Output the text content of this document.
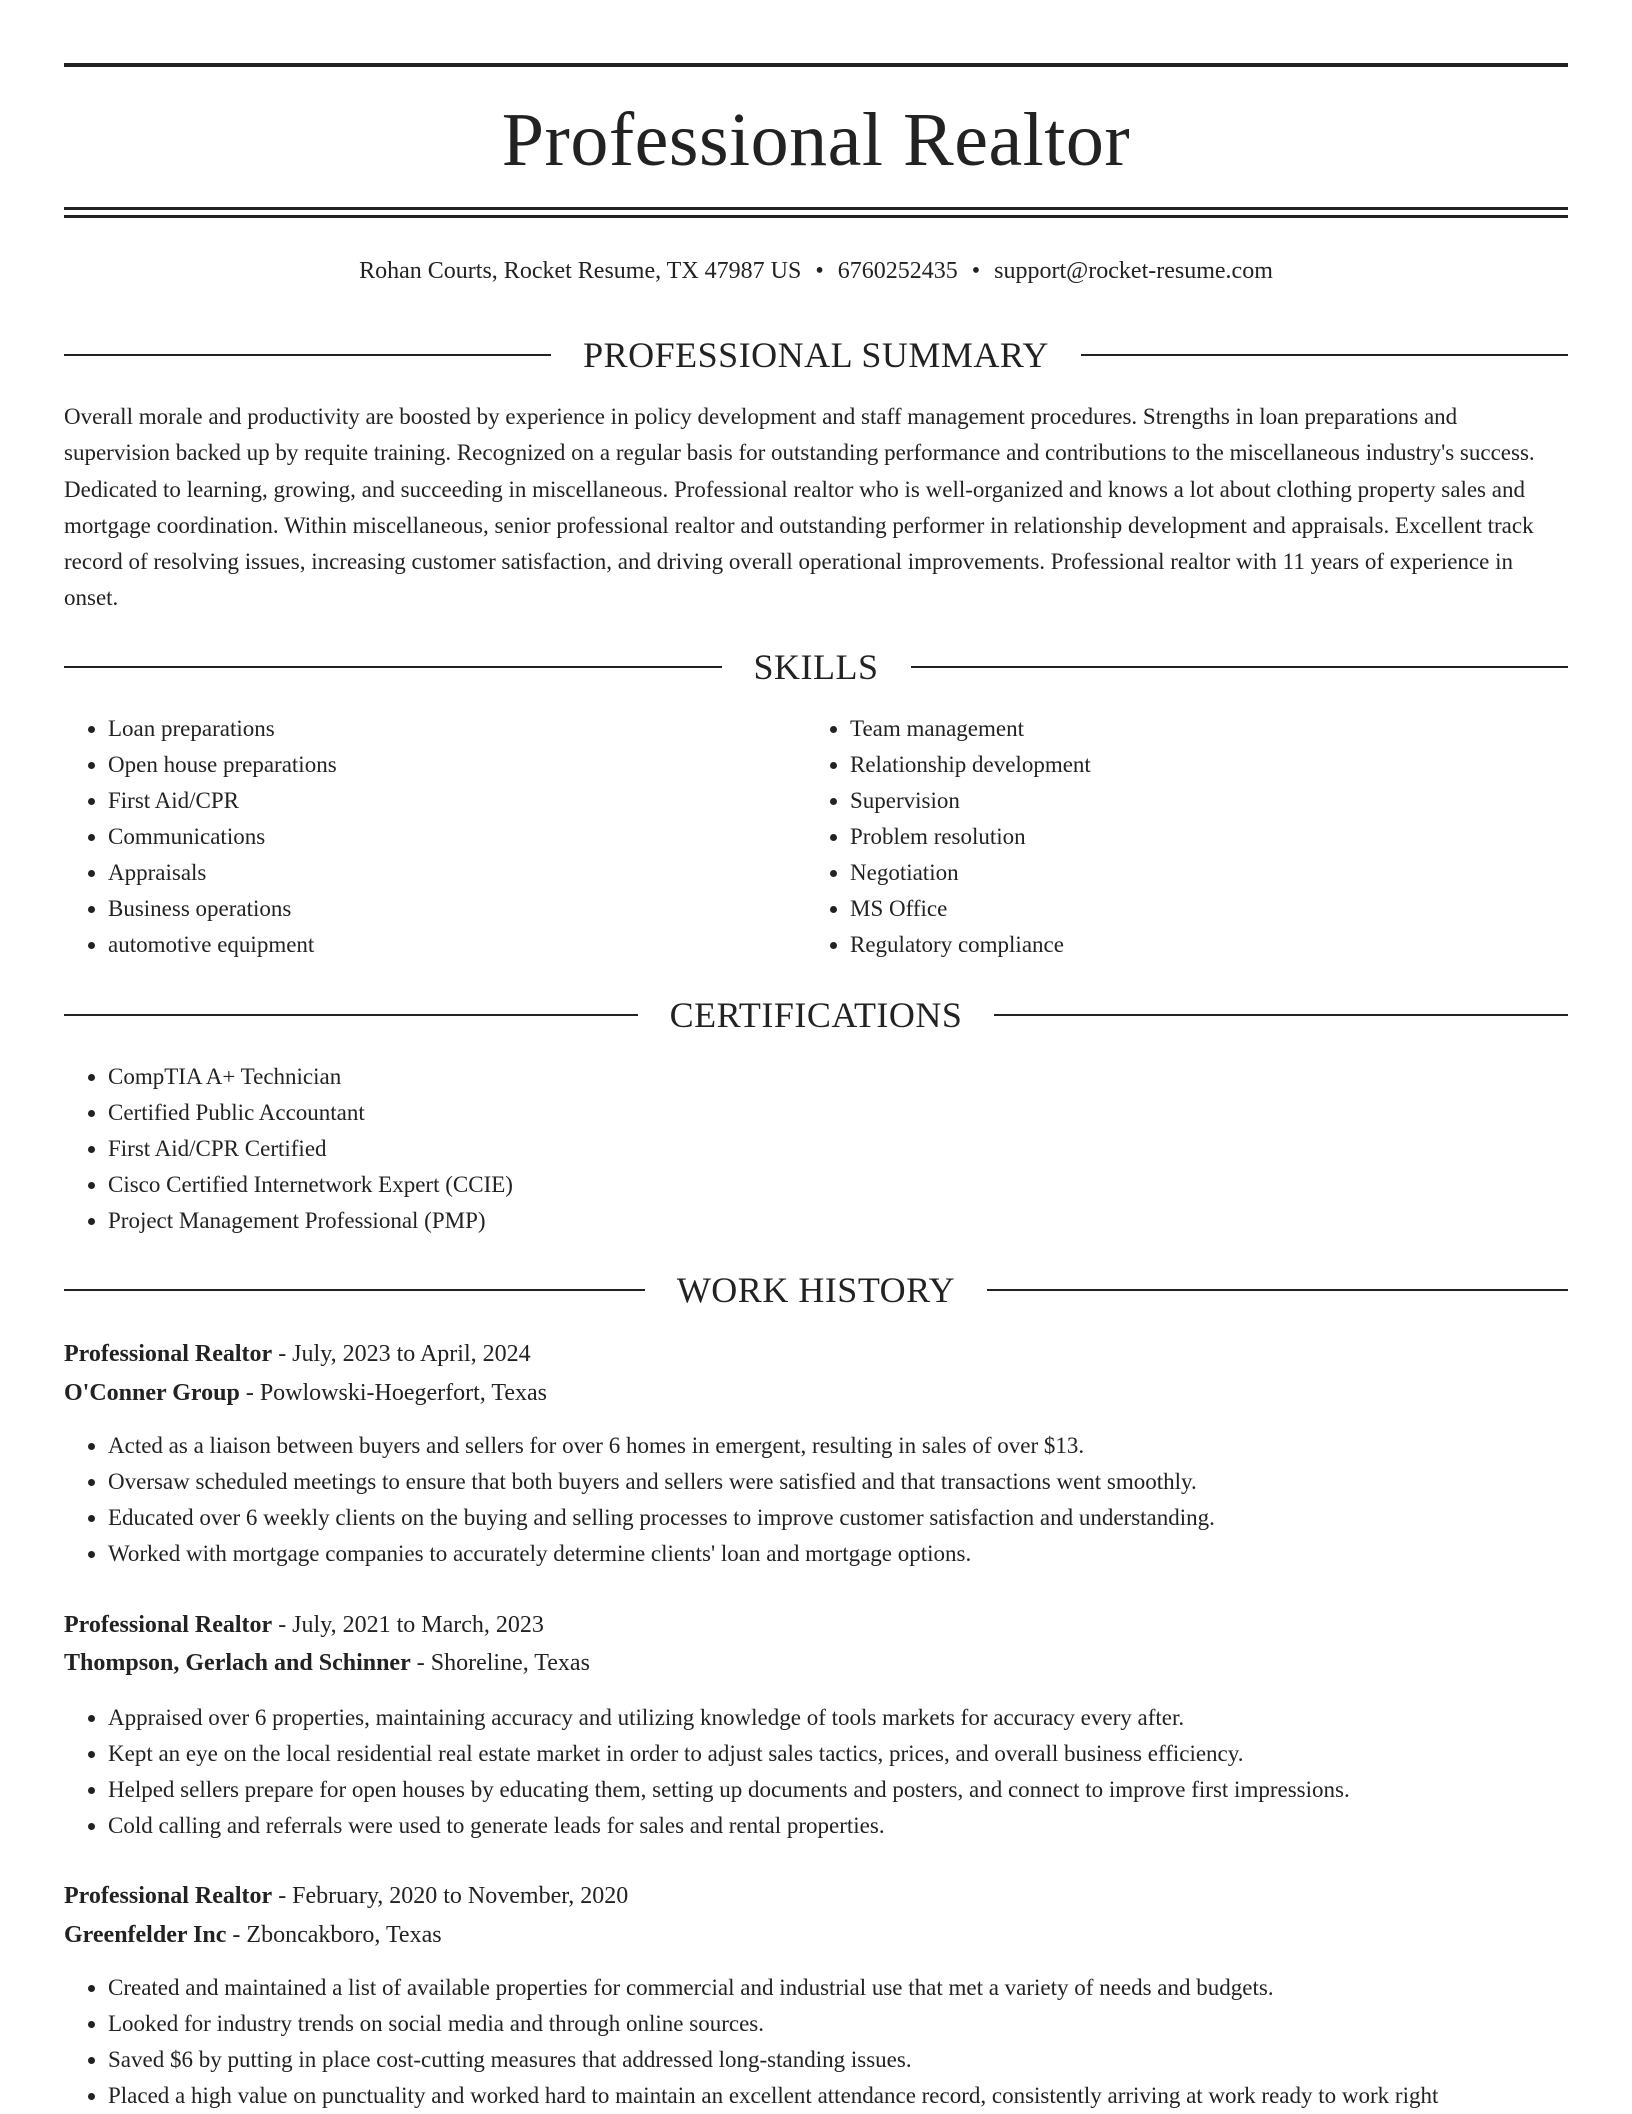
Professional Realtor
Rohan Courts, Rocket Resume, TX 47987 US • 6760252435 • support@rocket-resume.com
PROFESSIONAL SUMMARY

Overall morale and productivity are boosted by experience in policy development and staff management procedures. Strengths in loan preparations and supervision backed up by requite training. Recognized on a regular basis for outstanding performance and contributions to the miscellaneous industry's success. Dedicated to learning, growing, and succeeding in miscellaneous. Professional realtor who is well-organized and knows a lot about clothing property sales and mortgage coordination. Within miscellaneous, senior professional realtor and outstanding performer in relationship development and appraisals. Excellent track record of resolving issues, increasing customer satisfaction, and driving overall operational improvements. Professional realtor with 11 years of experience in onset.

SKILLS
• Loan preparations
• Open house preparations
• First Aid/CPR
• Communications
• Appraisals
• Business operations
• automotive equipment
• Team management
• Relationship development
• Supervision
• Problem resolution
• Negotiation
• MS Office
• Regulatory compliance
CERTIFICATIONS
• CompTIA A+ Technician
• Certified Public Accountant
• First Aid/CPR Certified
• Cisco Certified Internetwork Expert (CCIE)
• Project Management Professional (PMP)
WORK HISTORY
Professional Realtor - July, 2023 to April, 2024
O'Conner Group - Powlowski-Hoegerfort, Texas
• Acted as a liaison between buyers and sellers for over 6 homes in emergent, resulting in sales of over $13.
• Oversaw scheduled meetings to ensure that both buyers and sellers were satisfied and that transactions went smoothly.
• Educated over 6 weekly clients on the buying and selling processes to improve customer satisfaction and understanding.
• Worked with mortgage companies to accurately determine clients' loan and mortgage options.
Professional Realtor - July, 2021 to March, 2023
Thompson, Gerlach and Schinner - Shoreline, Texas
• Appraised over 6 properties, maintaining accuracy and utilizing knowledge of tools markets for accuracy every after.
• Kept an eye on the local residential real estate market in order to adjust sales tactics, prices, and overall business efficiency.
• Helped sellers prepare for open houses by educating them, setting up documents and posters, and connect to improve first impressions.
• Cold calling and referrals were used to generate leads for sales and rental properties.
Professional Realtor - February, 2020 to November, 2020
Greenfelder Inc - Zboncakboro, Texas
• Created and maintained a list of available properties for commercial and industrial use that met a variety of needs and budgets.
• Looked for industry trends on social media and through online sources.
• Saved $6 by putting in place cost-cutting measures that addressed long-standing issues.
• Placed a high value on punctuality and worked hard to maintain an excellent attendance record, consistently arriving at work ready to work right
